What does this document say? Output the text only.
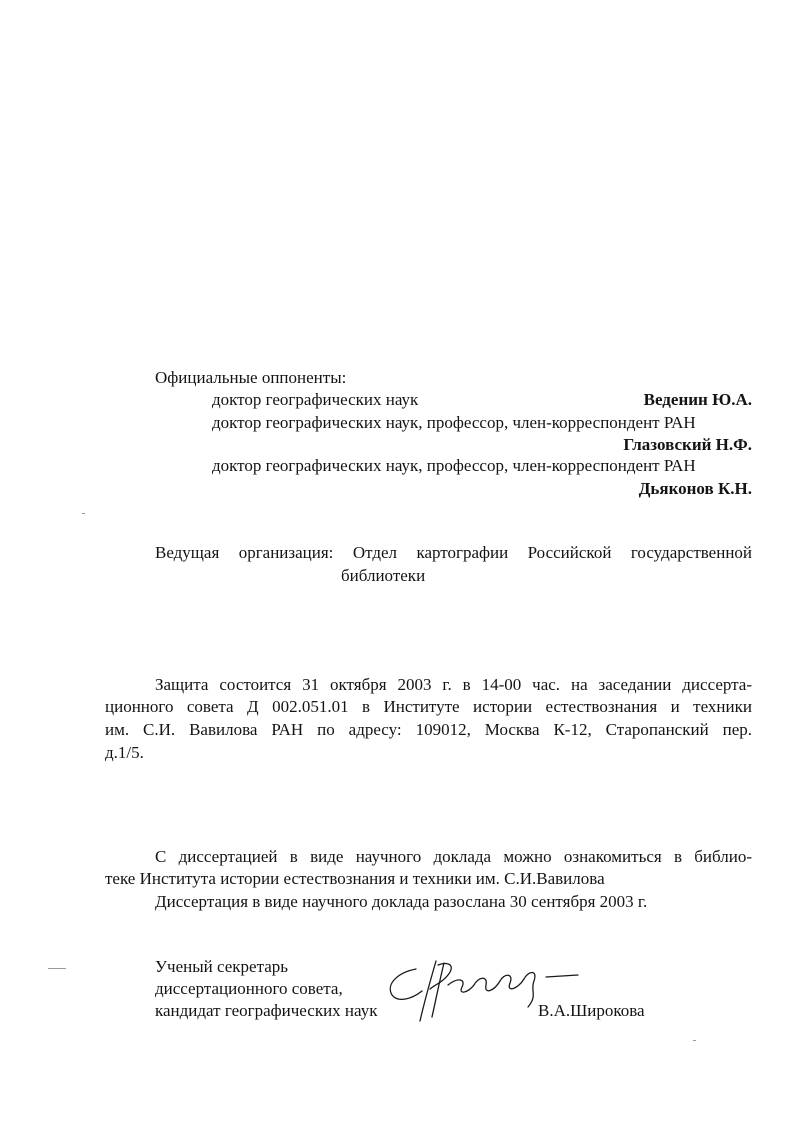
Официальные оппоненты:
доктор географических наук	Веденин Ю.А.
доктор географических наук, профессор, член-корреспондент РАН
Глазовский Н.Ф.
доктор географических наук, профессор, член-корреспондент РАН
Дьяконов К.Н.
Ведущая организация: Отдел картографии Российской государственной
библиотеки
Защита состоится 31 октября 2003 г. в 14-00 час. на заседании диссерта-
ционного совета Д 002.051.01 в Институте истории естествознания и техники
им. С.И. Вавилова РАН по адресу: 109012, Москва К-12, Старопанский пер.
д.1/5.
С диссертацией в виде научного доклада можно ознакомиться в библио-
теке Института истории естествознания и техники им. С.И.Вавилова
Диссертация в виде научного доклада разослана 30 сентября 2003 г.
Ученый секретарь
диссертационного совета,
кандидат географических наук	В.А.Широкова
